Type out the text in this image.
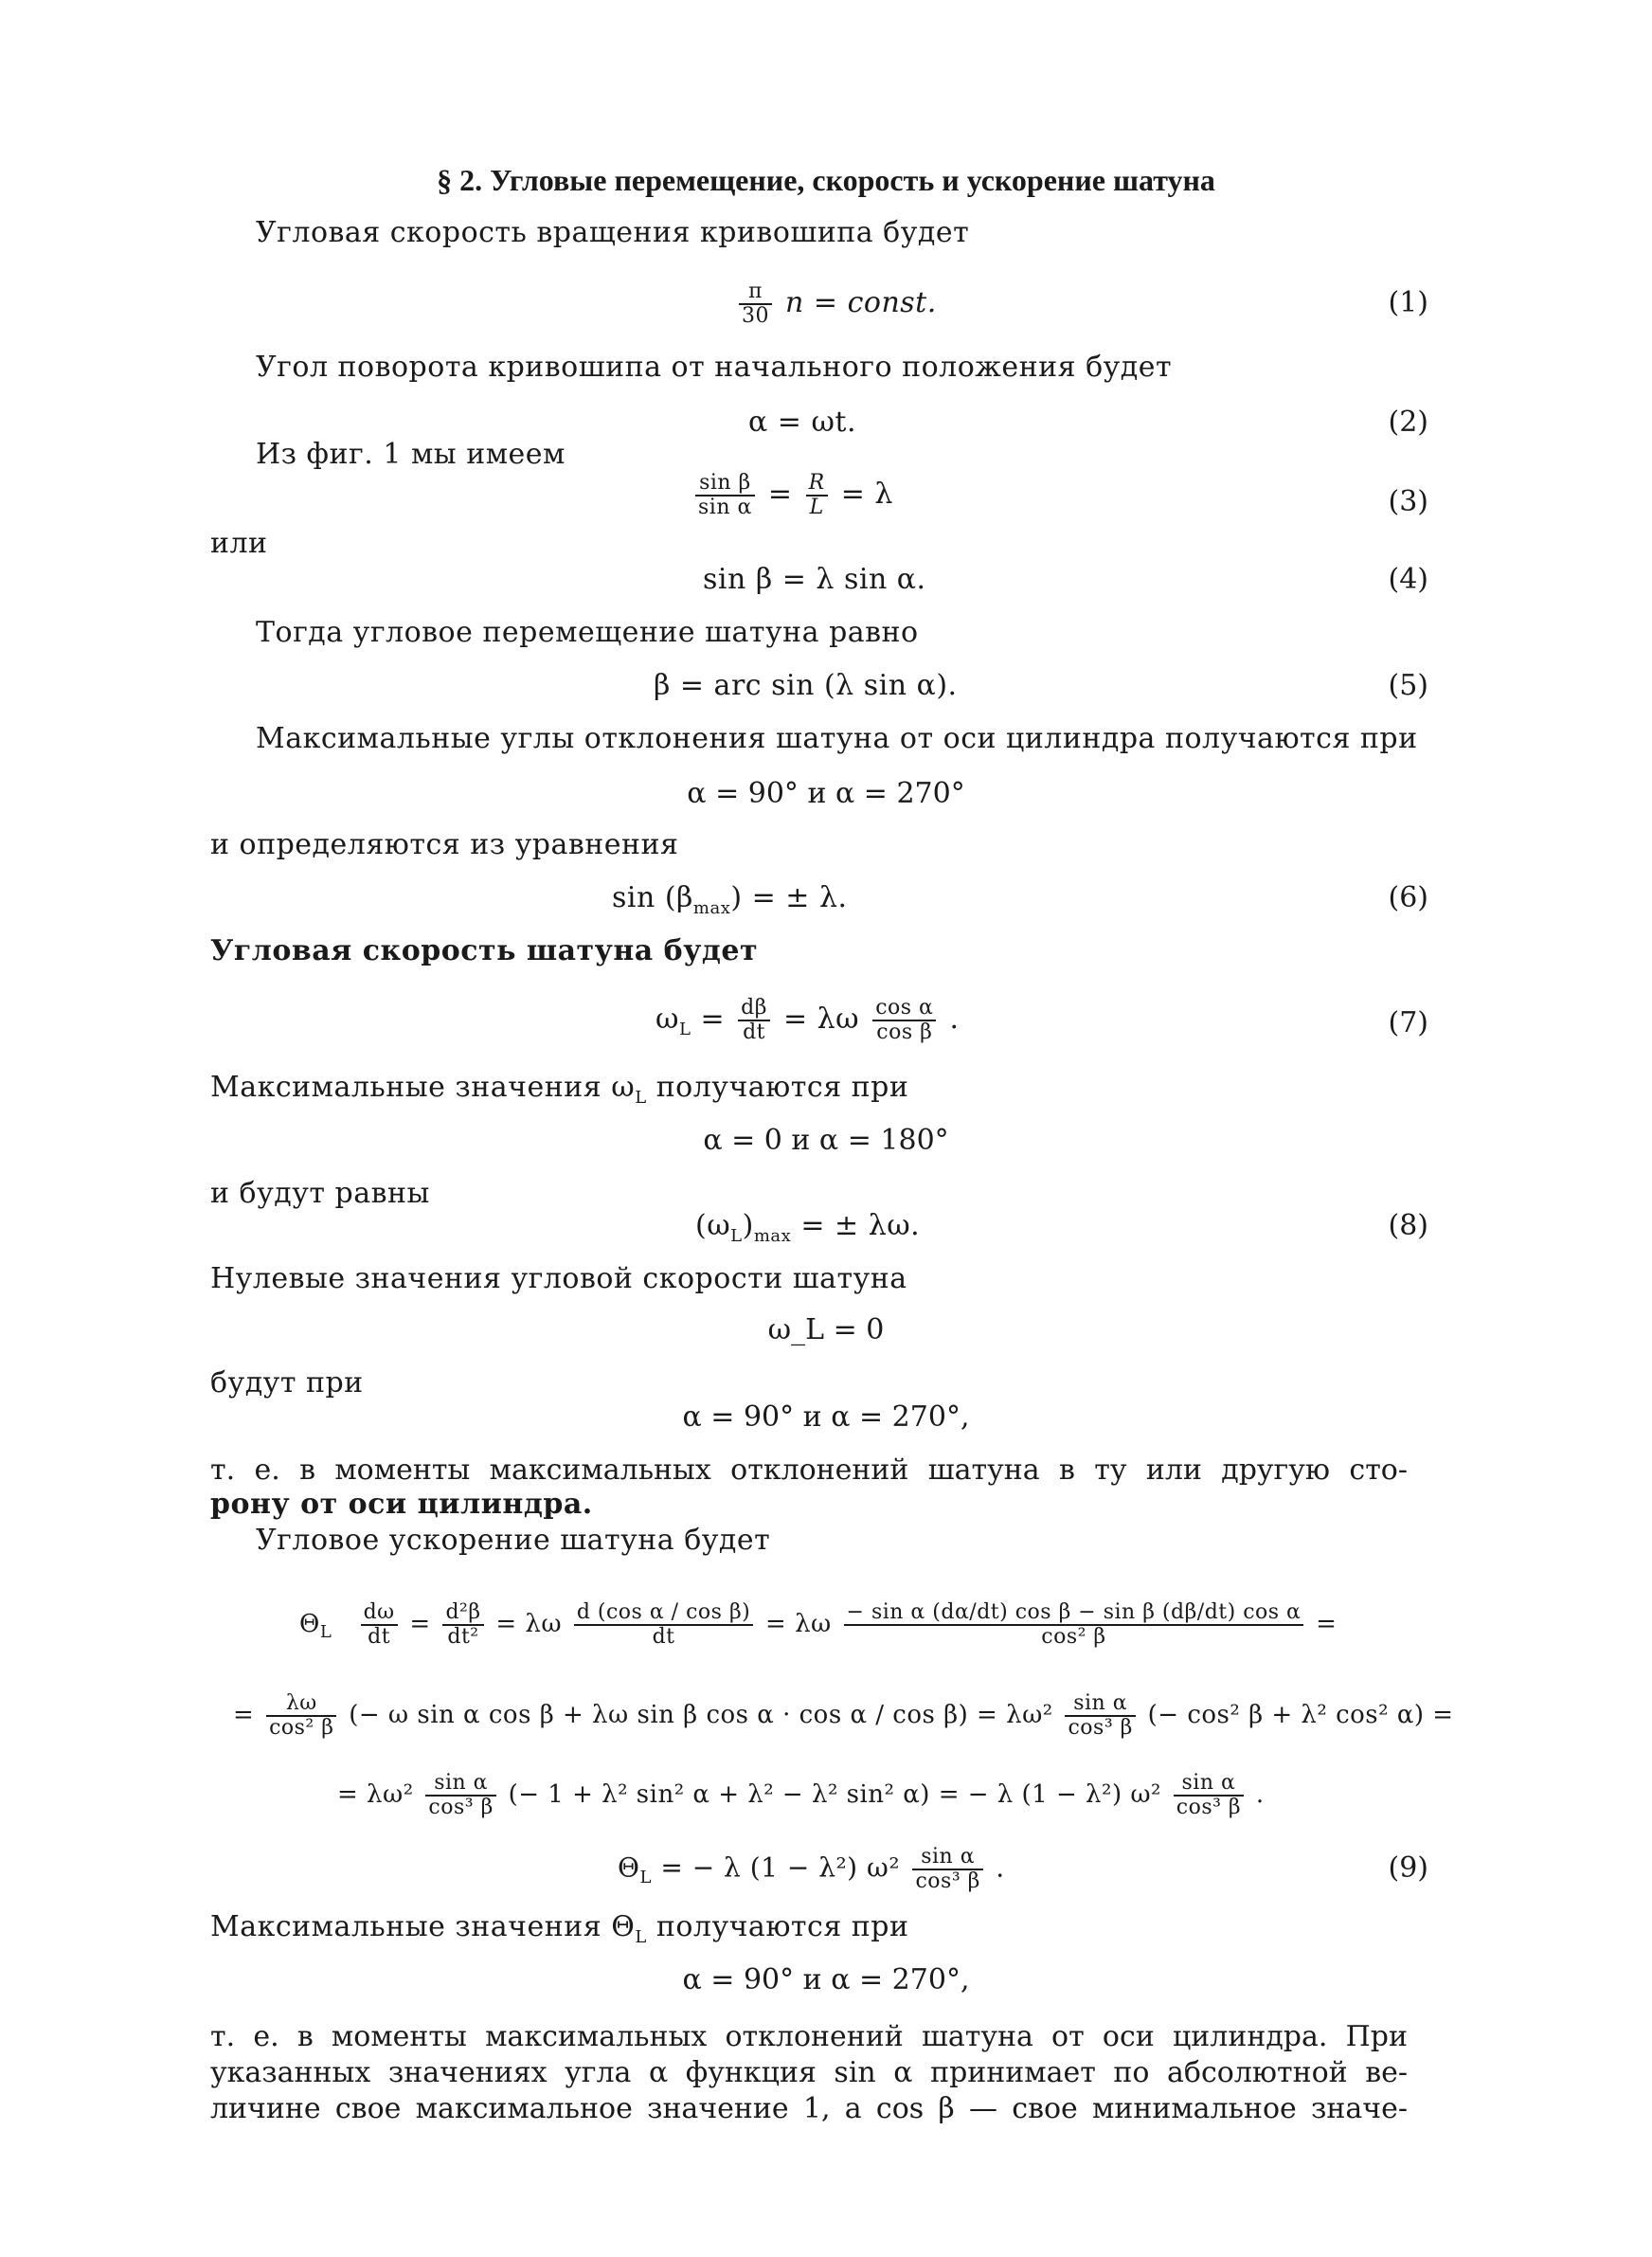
§ 2. Угловые перемещение, скорость и ускорение шатуна
Угловая скорость вращения кривошипа будет
$\frac{\pi}{30}$ n = const.	(1)
Угол поворота кривошипа от начального положения будет
α = ωt.	(2)
Из фиг. 1 мы имеем
$\frac{\text{sin β}}{\text{sin α}} = \frac{R}{L} = \lambda$	(3)
или
sin β = λ sin α.	(4)
Тогда угловое перемещение шатуна равно
β = arc sin (λ sin α).	(5)
Максимальные углы отклонения шатуна от оси цилиндра получаются при
α = 90° и α = 270°
и определяются из уравнения
$\sin (\beta_{max})$ = ± λ.	(6)
Угловая скорость шатуна будет
$\omega_L = \frac{d\beta}{dt} = \lambda\omega \frac{\text{cos α}}{\text{cos β}}$ .	(7)
Максимальные значения $\omega_L$ получаются при
α = 0 и α = 180°
и будут равны
$(\omega_L)_{max}$ = ± λω.	(8)
Нулевые значения угловой скорости шатуна
ω_L = 0
будут при
α = 90° и α = 270°,
т. е. в моменты максимальных отклонений шатуна в ту или другую сто-
рону от оси цилиндра.
Угловое ускорение шатуна будет
$\Theta_L \frac{d\omega}{dt} = \frac{\text{d²β}}{\text{dt²}} = \lambda\omega \frac{\text{d (cos α / cos β)}}{dt} = \lambda\omega \frac{\text{− sin α (dα/dt) cos β − sin β (dβ/dt) cos α}}{\text{cos² β}}$ =
= $\frac{\lambda\omega}{\text{cos² β}}$ (− ω sin α cos β + λω sin β $\cos \alpha \cdot \cos \alpha / \cos \beta) = \lambda\omega^2 \frac{\text{sin α}}{\text{cos³ β}}$ (− cos² β + λ² cos² α) =
= $\lambda\omega^2 \frac{\text{sin α}}{\text{cos³ β}}$ (− 1 + λ² sin² α + λ² − λ² sin² α) = − λ (1 − λ²) $\omega^2 \frac{\text{sin α}}{\text{cos³ β}}$ .
$\Theta_L$ = − λ (1 − λ²) $\omega^2 \frac{\text{sin α}}{\text{cos³ β}}$ .	(9)
Максимальные значения $\Theta_L$ получаются при
α = 90° и α = 270°,
т. е. в моменты максимальных отклонений шатуна от оси цилиндра. При
указанных значениях угла α функция sin α принимает по абсолютной ве-
личине свое максимальное значение 1, а cos β — свое минимальное значе-
